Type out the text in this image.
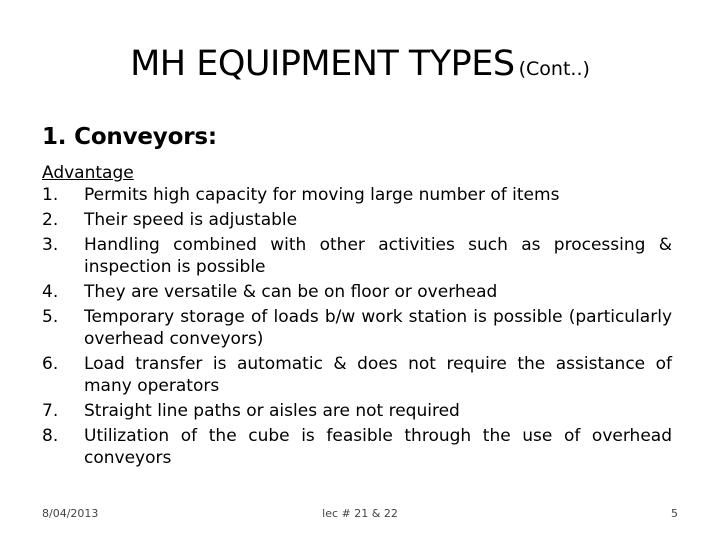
MH EQUIPMENT TYPES (Cont..)
1. Conveyors:
Advantage
1.	Permits high capacity for moving large number of items
2.	Their speed is adjustable
3.	Handling combined with other activities such as processing & inspection is possible
4.	They are versatile & can be on floor or overhead
5.	Temporary storage of loads b/w work station is possible (particularly overhead conveyors)
6.	Load transfer is automatic & does not require the assistance of many operators
7.	Straight line paths or aisles are not required
8.	Utilization of the cube is feasible through the use of overhead conveyors
8/04/2013	lec # 21 & 22	5
